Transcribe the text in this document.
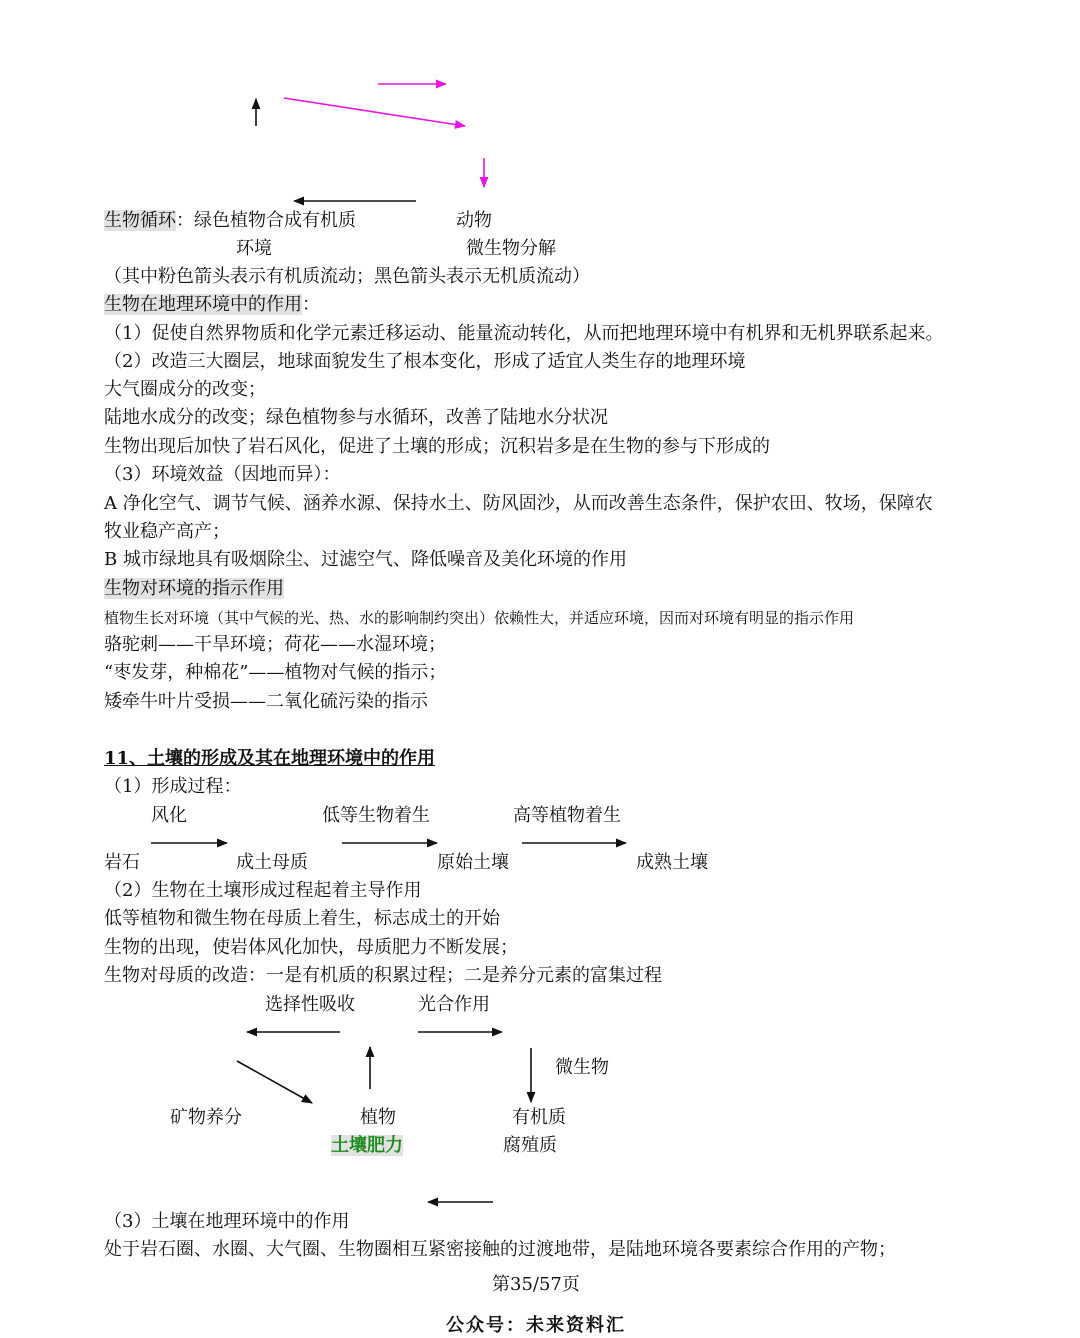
生物循环：绿色植物合成有机质	动物
环境	微生物分解
（其中粉色箭头表示有机质流动；黑色箭头表示无机质流动）
生物在地理环境中的作用：
（1）促使自然界物质和化学元素迁移运动、能量流动转化，从而把地理环境中有机界和无机界联系起来。
（2）改造三大圈层，地球面貌发生了根本变化，形成了适宜人类生存的地理环境
大气圈成分的改变；
陆地水成分的改变；绿色植物参与水循环，改善了陆地水分状况
生物出现后加快了岩石风化，促进了土壤的形成；沉积岩多是在生物的参与下形成的
（3）环境效益（因地而异）：
A 净化空气、调节气候、涵养水源、保持水土、防风固沙，从而改善生态条件，保护农田、牧场，保障农
牧业稳产高产；
B 城市绿地具有吸烟除尘、过滤空气、降低噪音及美化环境的作用
生物对环境的指示作用
植物生长对环境（其中气候的光、热、水的影响制约突出）依赖性大，并适应环境，因而对环境有明显的指示作用
骆驼刺——干旱环境；荷花——水湿环境；
“枣发芽，种棉花”——植物对气候的指示；
矮牵牛叶片受损——二氧化硫污染的指示
11、土壤的形成及其在地理环境中的作用
（1）形成过程：
风化	低等生物着生	高等植物着生
岩石	成土母质	原始土壤	成熟土壤
（2）生物在土壤形成过程起着主导作用
低等植物和微生物在母质上着生，标志成土的开始
生物的出现，使岩体风化加快，母质肥力不断发展；
生物对母质的改造：一是有机质的积累过程；二是养分元素的富集过程
选择性吸收	光合作用
微生物
矿物养分	植物	有机质
土壤肥力	腐殖质
（3）土壤在地理环境中的作用
处于岩石圈、水圈、大气圈、生物圈相互紧密接触的过渡地带，是陆地环境各要素综合作用的产物；
第35/57页
公众号：未来资料汇
